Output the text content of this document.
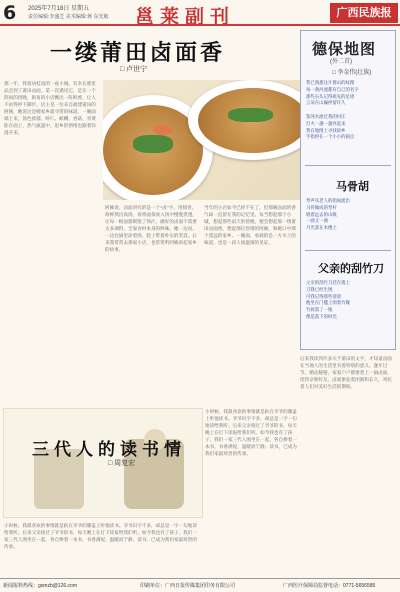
6 2025年7月18日 星期五
责任编辑:李盛芝 美术编辑:蒋 东光敏 邕莱副刊	广西民族报
一缕莆田卤面香
□ 卢世宁
那一年，我客居桂南的一座小城，有幸在那里品尝到了莆田卤面。第一次遇见它，是在一个阴雨的傍晚，街角的小店飘出一阵鲜香，让人不由得停下脚步。店主是一位来自福建莆田的阿姨，她说这是她家乡最寻常的味道。一碗面端上来，汤色浓郁，虾仁、蛤蜊、香菇、青菜卧在面上，热气氤氲中，思乡的情绪也跟着弥漫开来。
阿姨说，卤面讲究的是一个“卤”字。用猪骨、海鲜熬出高汤，再将面条放入汤中慢慢煮透，让每一根面都吸饱了汤汁。做好的卤面不需要太多调料，全靠食材本身的鲜味。她一边说，一边往锅里添着汤，脸上带着朴实的笑容。后来我常常去那家小店，也常常听阿姨讲起家乡的故事。
当年的小店如今已经不在了，但那碗卤面的香气却一直留在我的记忆里。每当想起那个小城，想起那些雨天的傍晚，便会想起那一缕莆田卤面香，想起那位热情的阿姨，和她口中那个遥远的家乡。一碗面，承载的是一方水土的味道，也是一段人间温情的见证。
德保地图
(外二首)
□ 李金伟(壮族)
我已熟悉这片群山的纹理
每一条河流都有自己的名字
那些石头记得祖先的足迹
云朵在山巅停留许久

鉴河水流过我的村庄
灯火一盏一盏亮起来
我在地图上寻找故乡
手指停在一个小小的圆点
马骨胡
琴声从老人的指间流出
马骨做成的琴杆
唱着远去的山歌
一曲又一曲
月光落在木楼上
父亲的刮竹刀
父亲的刮竹刀挂在墙上
刀锋已经生锈
可我记得那些清晨
他坐在门槛上削着竹篾
竹屑落了一地
像是落下的时光
后来我读到许多关于莆田的文字，才知道卤面在当地人的生活里有着特别的意义。逢年过节、婚丧嫁娶，家家户户都要煮上一锅卤面，招待亲朋好友。卤面象征着团圆和长久，寄托着人们对美好生活的期盼。
三代人的读书情
□ 周复宏
小时候，我最喜欢的事情就是趴在爷爷的膝盖上听他读书。爷爷识字不多，却总是一字一句地读给我听。后来父亲接过了爷爷的书，每天晚上在灯下读报给我们听。如今我也有了孩子，我们一家三代人围坐在一起，各自捧着一本书，书香满屋，温暖而宁静。读书，已成为我们家最珍贵的传承。
小时候，我最喜欢的事情就是趴在爷爷的膝盖上听他读书。爷爷识字不多，却总是一字一句地读给我听。后来父亲接过了爷爷的书，每天晚上在灯下读报给我们听。如今我也有了孩子，我们一家三代人围坐在一起，各自捧着一本书，书香满屋，温暖而宁静。读书，已成为我们家最珍贵的传承。
新闻报料热线：gxmzb@126.com	印刷单位：广西日报传媒集团印务有限公司	广西医疗保障局监督电话：0771-5656585
